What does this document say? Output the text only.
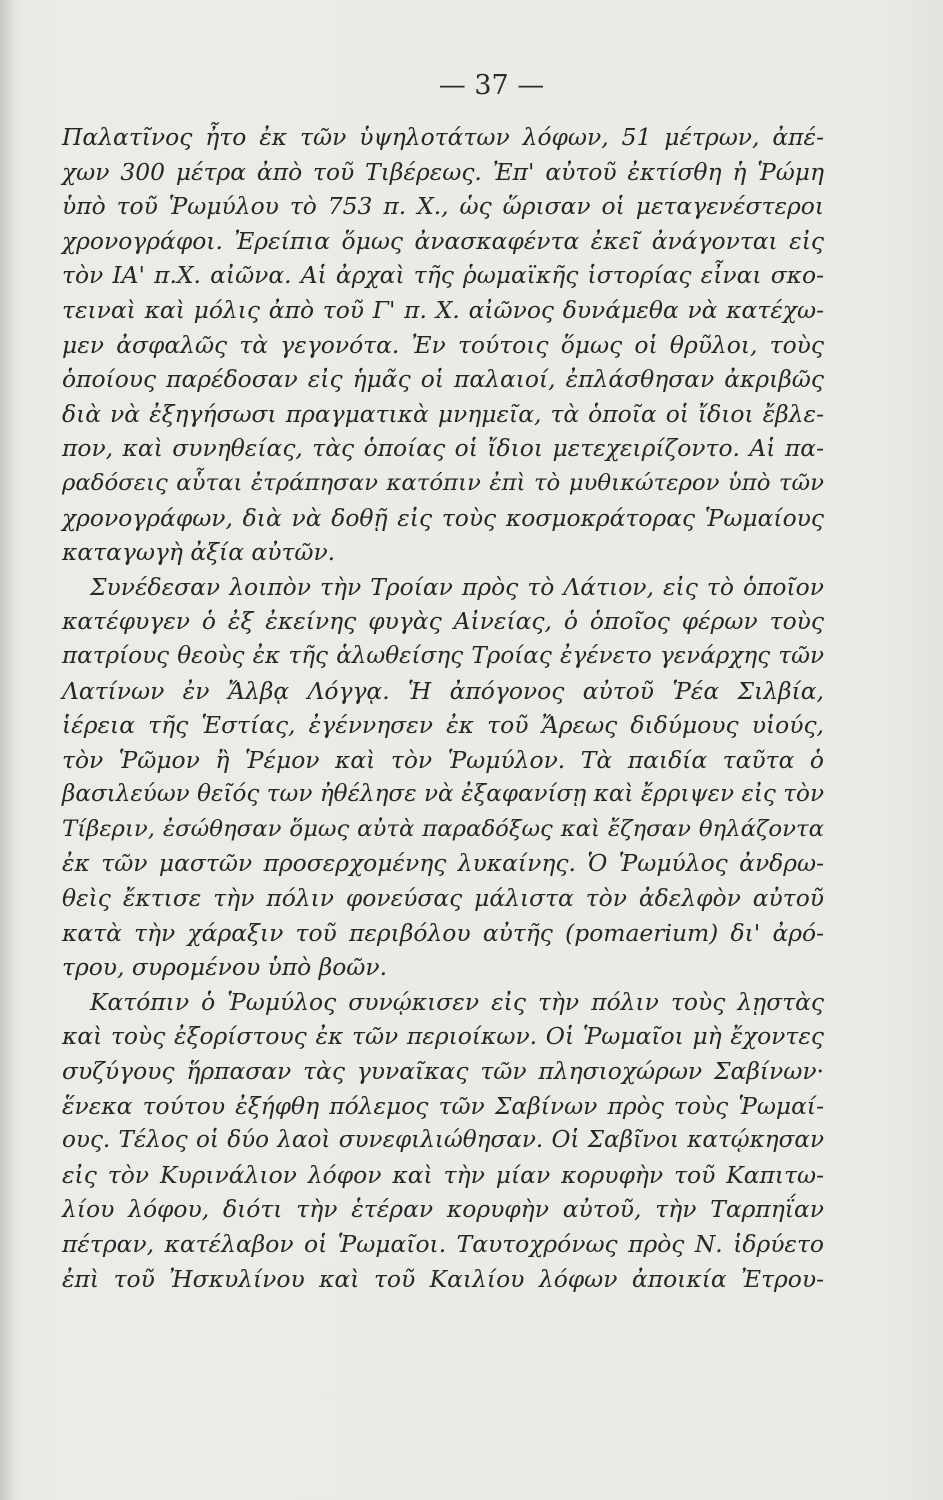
— 37 —
Παλατῖνος ἦτο ἐκ τῶν ὑψηλοτάτων λόφων, 51 μέτρων, ἀπέ-
χων 300 μέτρα ἀπὸ τοῦ Τιβέρεως. Ἐπ' αὐτοῦ ἐκτίσθη ἡ Ῥώμη
ὑπὸ τοῦ Ῥωμύλου τὸ 753 π. Χ., ὡς ὥρισαν οἱ μεταγενέστεροι
χρονογράφοι. Ἐρείπια ὅμως ἀνασκαφέντα ἐκεῖ ἀνάγονται εἰς
τὸν ΙΑ' π.Χ. αἰῶνα. Αἱ ἀρχαὶ τῆς ῥωμαϊκῆς ἱστορίας εἶναι σκο-
τειναὶ καὶ μόλις ἀπὸ τοῦ Γ' π. Χ. αἰῶνος δυνάμεθα νὰ κατέχω-
μεν ἀσφαλῶς τὰ γεγονότα. Ἐν τούτοις ὅμως οἱ θρῦλοι, τοὺς
ὁποίους παρέδοσαν εἰς ἡμᾶς οἱ παλαιοί, ἐπλάσθησαν ἀκριβῶς
διὰ νὰ ἐξηγήσωσι πραγματικὰ μνημεῖα, τὰ ὁποῖα οἱ ἴδιοι ἔβλε-
πον, καὶ συνηθείας, τὰς ὁποίας οἱ ἴδιοι μετεχειρίζοντο. Αἱ πα-
ραδόσεις αὗται ἐτράπησαν κατόπιν ἐπὶ τὸ μυθικώτερον ὑπὸ τῶν
χρονογράφων, διὰ νὰ δοθῇ εἰς τοὺς κοσμοκράτορας Ῥωμαίους
καταγωγὴ ἀξία αὐτῶν.
Συνέδεσαν λοιπὸν τὴν Τροίαν πρὸς τὸ Λάτιον, εἰς τὸ ὁποῖον
κατέφυγεν ὁ ἐξ ἐκείνης φυγὰς Αἰνείας, ὁ ὁποῖος φέρων τοὺς
πατρίους θεοὺς ἐκ τῆς ἁλωθείσης Τροίας ἐγένετο γενάρχης τῶν
Λατίνων ἐν Ἄλβᾳ Λόγγᾳ. Ἡ ἀπόγονος αὐτοῦ Ῥέα Σιλβία,
ἱέρεια τῆς Ἑστίας, ἐγέννησεν ἐκ τοῦ Ἄρεως διδύμους υἱούς,
τὸν Ῥῶμον ἢ Ῥέμον καὶ τὸν Ῥωμύλον. Τὰ παιδία ταῦτα ὁ
βασιλεύων θεῖός των ἠθέλησε νὰ ἐξαφανίσῃ καὶ ἔρριψεν εἰς τὸν
Τίβεριν, ἐσώθησαν ὅμως αὐτὰ παραδόξως καὶ ἔζησαν θηλάζοντα
ἐκ τῶν μαστῶν προσερχομένης λυκαίνης. Ὁ Ῥωμύλος ἀνδρω-
θεὶς ἔκτισε τὴν πόλιν φονεύσας μάλιστα τὸν ἀδελφὸν αὐτοῦ
κατὰ τὴν χάραξιν τοῦ περιβόλου αὐτῆς (pomaerium) δι' ἀρό-
τρου, συρομένου ὑπὸ βοῶν.
Κατόπιν ὁ Ῥωμύλος συνῴκισεν εἰς τὴν πόλιν τοὺς λῃστὰς
καὶ τοὺς ἐξορίστους ἐκ τῶν περιοίκων. Οἱ Ῥωμαῖοι μὴ ἔχοντες
συζύγους ἥρπασαν τὰς γυναῖκας τῶν πλησιοχώρων Σαβίνων·
ἕνεκα τούτου ἐξήφθη πόλεμος τῶν Σαβίνων πρὸς τοὺς Ῥωμαί-
ους. Τέλος οἱ δύο λαοὶ συνεφιλιώθησαν. Οἱ Σαβῖνοι κατῴκησαν
εἰς τὸν Κυρινάλιον λόφον καὶ τὴν μίαν κορυφὴν τοῦ Καπιτω-
λίου λόφου, διότι τὴν ἑτέραν κορυφὴν αὐτοῦ, τὴν Ταρπηΐαν
πέτραν, κατέλαβον οἱ Ῥωμαῖοι. Ταυτοχρόνως πρὸς Ν. ἱδρύετο
ἐπὶ τοῦ Ἠσκυλίνου καὶ τοῦ Καιλίου λόφων ἀποικία Ἐτρου-
